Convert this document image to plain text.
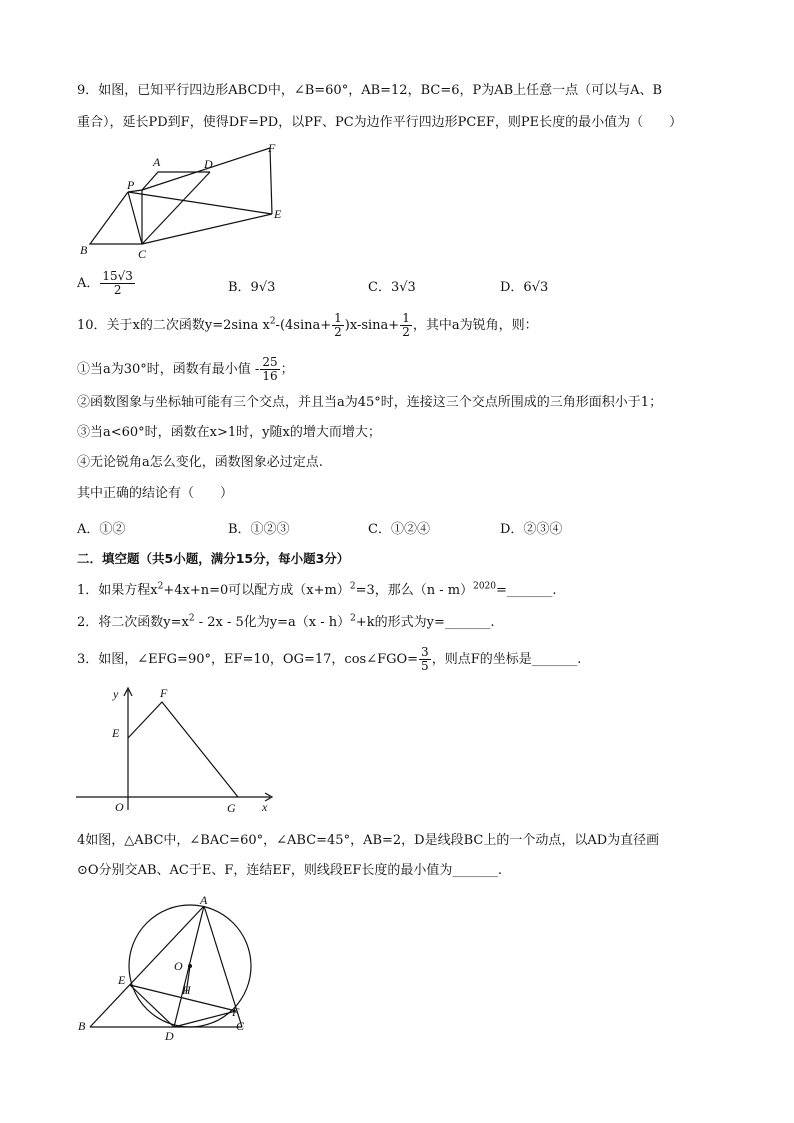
9．如图，已知平行四边形ABCD中，∠B=60°，AB=12，BC=6，P为AB上任意一点（可以与A、B
重合），延长PD到F，使得DF=PD，以PF、PC为边作平行四边形PCEF，则PE长度的最小值为（　　）
A	D
F
P
E
B	C
A． $\frac{15√3}{2}$	B．9√3	C．3√3	D．6√3
10．关于x的二次函数y=2sina $x^2-(4\sin a+ \frac{1}{2} )x-\sin a+ \frac{1}{2}$ ，其中a为锐角，则：
①当a为30°时，函数有最小值 - $\frac{25}{16}$ ；
②函数图象与坐标轴可能有三个交点，并且当a为45°时，连接这三个交点所围成的三角形面积小于1；
③当a<60°时，函数在x>1时，y随x的增大而增大；
④无论锐角a怎么变化，函数图象必过定点.
其中正确的结论有（　　）
A．①②	B．①②③	C．①②④	D．②③④
二．填空题（共5小题，满分15分，每小题3分）
1．如果方程$x^2+4x+n=0$可以配方成$(x+m)^2=3$，那么（n - m）$^{2020}$=_______.
2．将二次函数$y=x^2 - 2x - 5$化为y=a（x - h）$^2$+k的形式为y=_______.
3．如图，∠EFG=90°，EF=10，OG=17，cos∠FGO= $\frac{3}{5}$ ，则点F的坐标是_______.
y	F
E
O	G x
4如图，△ABC中，∠BAC=60°，∠ABC=45°，AB=2，D是线段BC上的一个动点，以AD为直径画
⊙O分别交AB、AC于E、F，连结EF，则线段EF长度的最小值为_______.
A
O
E
H
F
B
D
C
